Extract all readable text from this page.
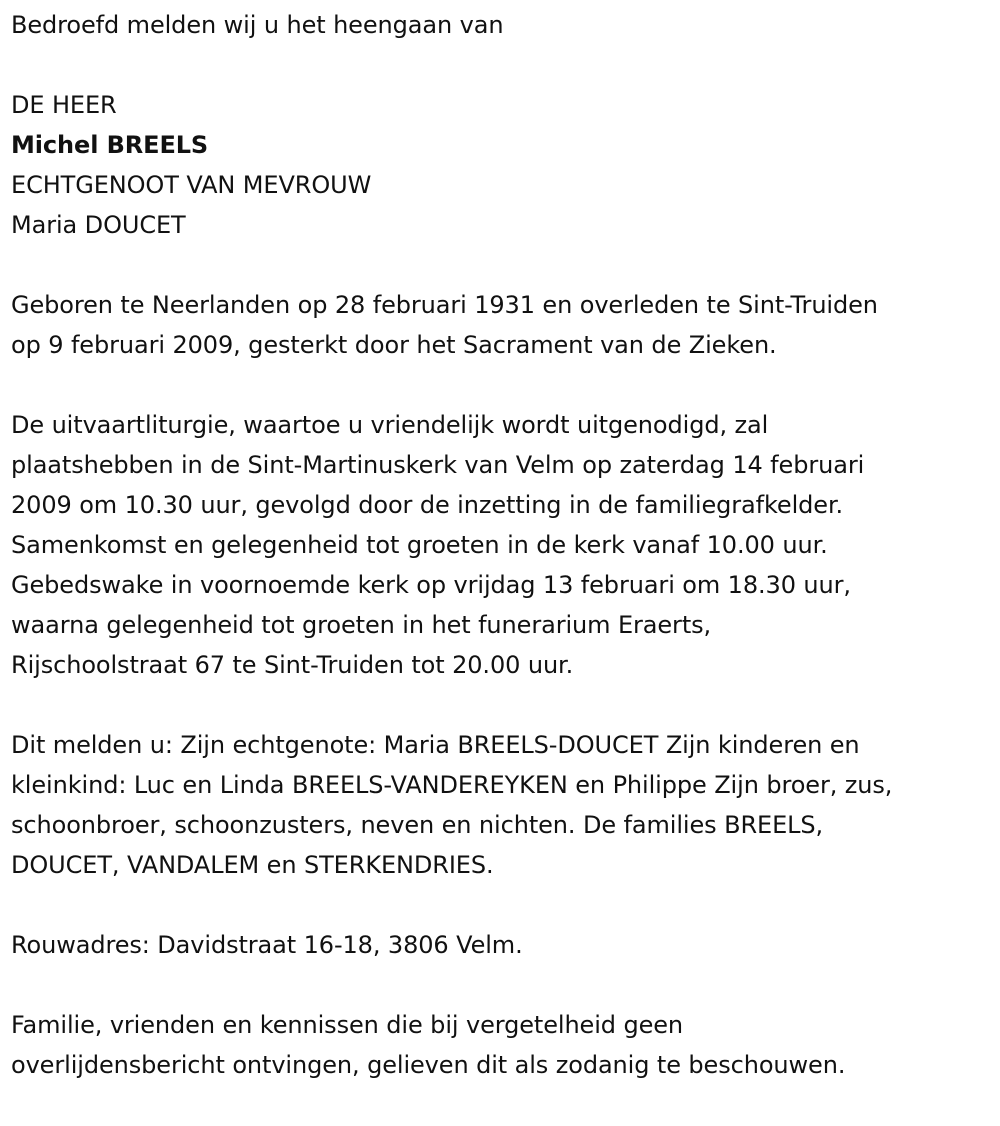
Bedroefd melden wij u het heengaan van

DE HEER

Michel BREELS

ECHTGENOOT VAN MEVROUW

Maria DOUCET

Geboren te Neerlanden op 28 februari 1931 en overleden te Sint-Truiden

op 9 februari 2009, gesterkt door het Sacrament van de Zieken.

De uitvaartliturgie, waartoe u vriendelijk wordt uitgenodigd, zal

plaatshebben in de Sint-Martinuskerk van Velm op zaterdag 14 februari

2009 om 10.30 uur, gevolgd door de inzetting in de familiegrafkelder.

Samenkomst en gelegenheid tot groeten in de kerk vanaf 10.00 uur.

Gebedswake in voornoemde kerk op vrijdag 13 februari om 18.30 uur,

waarna gelegenheid tot groeten in het funerarium Eraerts,

Rijschoolstraat 67 te Sint-Truiden tot 20.00 uur.

Dit melden u: Zijn echtgenote: Maria BREELS-DOUCET Zijn kinderen en

kleinkind: Luc en Linda BREELS-VANDEREYKEN en Philippe Zijn broer, zus,

schoonbroer, schoonzusters, neven en nichten. De families BREELS,

DOUCET, VANDALEM en STERKENDRIES.

Rouwadres: Davidstraat 16-18, 3806 Velm.

Familie, vrienden en kennissen die bij vergetelheid geen

overlijdensbericht ontvingen, gelieven dit als zodanig te beschouwen.
